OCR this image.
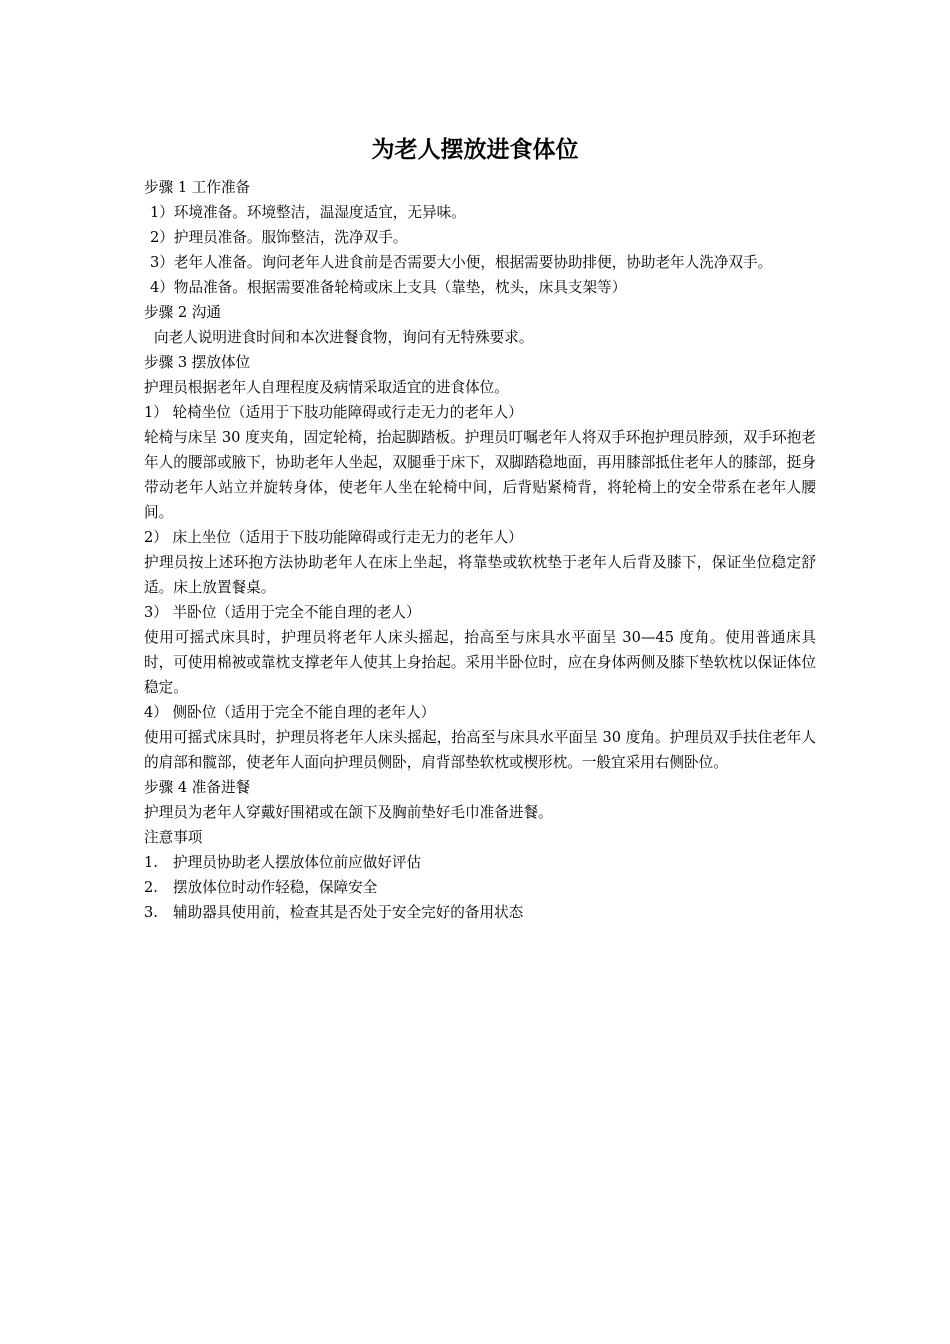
为老人摆放进食体位

步骤 1 工作准备

1）环境准备。环境整洁，温湿度适宜，无异味。

2）护理员准备。服饰整洁，洗净双手。

3）老年人准备。询问老年人进食前是否需要大小便，根据需要协助排便，协助老年人洗净双手。

4）物品准备。根据需要准备轮椅或床上支具（靠垫，枕头，床具支架等）

步骤 2 沟通

向老人说明进食时间和本次进餐食物，询问有无特殊要求。

步骤 3 摆放体位

护理员根据老年人自理程度及病情采取适宜的进食体位。

1） 轮椅坐位（适用于下肢功能障碍或行走无力的老年人）

轮椅与床呈 30 度夹角，固定轮椅，抬起脚踏板。护理员叮嘱老年人将双手环抱护理员脖颈，双手环抱老年人的腰部或腋下，协助老年人坐起，双腿垂于床下，双脚踏稳地面，再用膝部抵住老年人的膝部，挺身带动老年人站立并旋转身体，使老年人坐在轮椅中间，后背贴紧椅背，将轮椅上的安全带系在老年人腰间。

2） 床上坐位（适用于下肢功能障碍或行走无力的老年人）

护理员按上述环抱方法协助老年人在床上坐起，将靠垫或软枕垫于老年人后背及膝下，保证坐位稳定舒适。床上放置餐桌。

3） 半卧位（适用于完全不能自理的老人）

使用可摇式床具时，护理员将老年人床头摇起，抬高至与床具水平面呈 30—45 度角。使用普通床具时，可使用棉被或靠枕支撑老年人使其上身抬起。采用半卧位时，应在身体两侧及膝下垫软枕以保证体位稳定。

4） 侧卧位（适用于完全不能自理的老年人）

使用可摇式床具时，护理员将老年人床头摇起，抬高至与床具水平面呈 30 度角。护理员双手扶住老年人的肩部和髋部，使老年人面向护理员侧卧，肩背部垫软枕或楔形枕。一般宜采用右侧卧位。

步骤 4 准备进餐

护理员为老年人穿戴好围裙或在颌下及胸前垫好毛巾准备进餐。

注意事项

1. 护理员协助老人摆放体位前应做好评估

2. 摆放体位时动作轻稳，保障安全

3. 辅助器具使用前，检查其是否处于安全完好的备用状态
